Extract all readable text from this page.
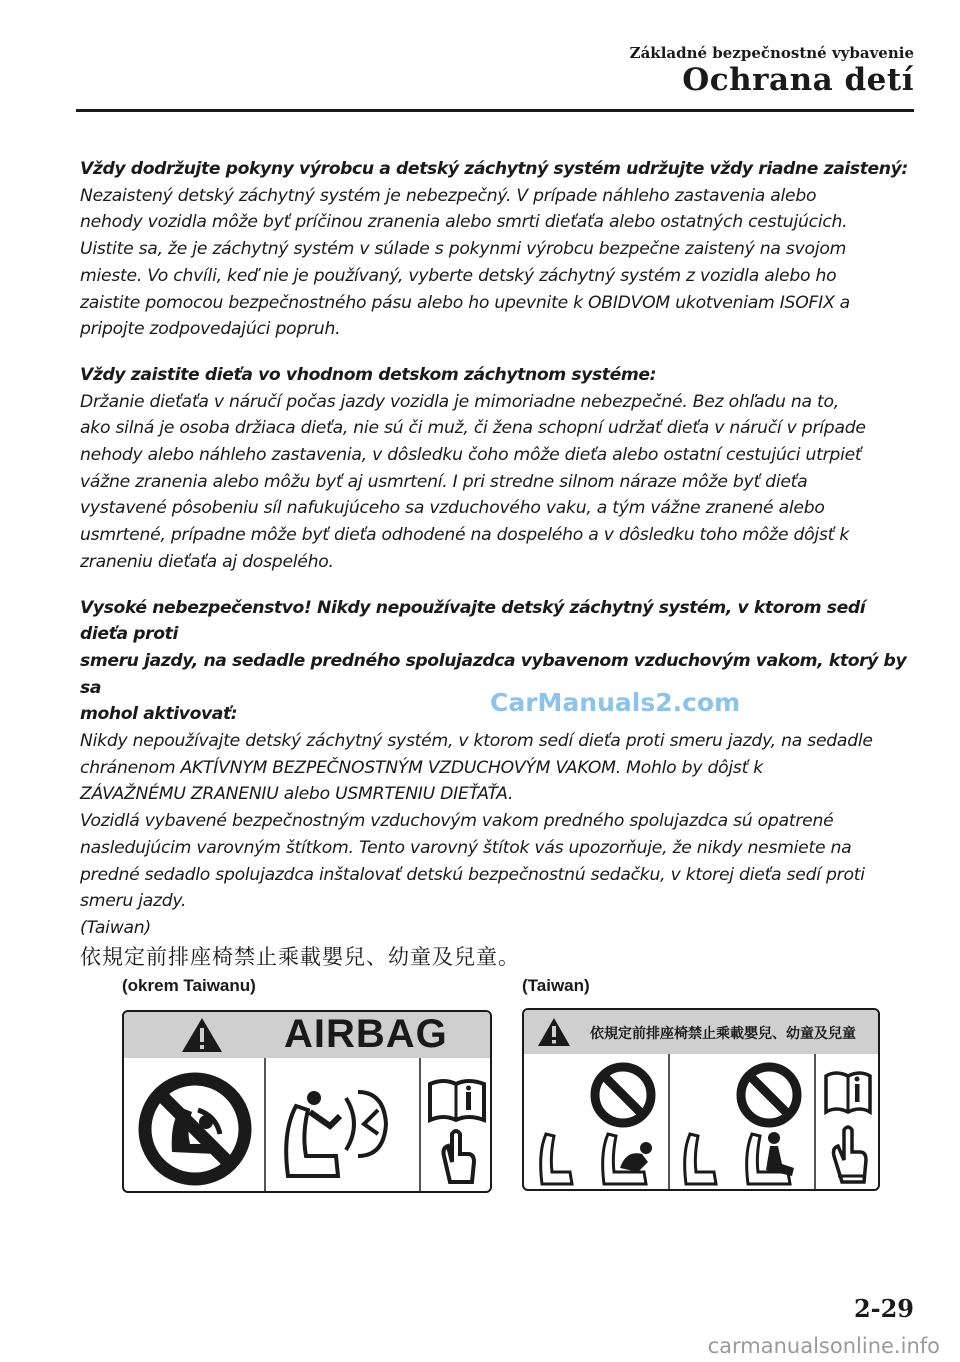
Základné bezpečnostné vybavenie
Ochrana detí

Vždy dodržujte pokyny výrobcu a detský záchytný systém udržujte vždy riadne zaistený:

Nezaistený detský záchytný systém je nebezpečný. V prípade náhleho zastavenia alebo

nehody vozidla môže byť príčinou zranenia alebo smrti dieťaťa alebo ostatných cestujúcich.

Uistite sa, že je záchytný systém v súlade s pokynmi výrobcu bezpečne zaistený na svojom

mieste. Vo chvíli, keď nie je používaný, vyberte detský záchytný systém z vozidla alebo ho

zaistite pomocou bezpečnostného pásu alebo ho upevnite k OBIDVOM ukotveniam ISOFIX a

pripojte zodpovedajúci popruh.

Vždy zaistite dieťa vo vhodnom detskom záchytnom systéme:

Držanie dieťaťa v náručí počas jazdy vozidla je mimoriadne nebezpečné. Bez ohľadu na to,

ako silná je osoba držiaca dieťa, nie sú či muž, či žena schopní udržať dieťa v náručí v prípade

nehody alebo náhleho zastavenia, v dôsledku čoho môže dieťa alebo ostatní cestujúci utrpieť

vážne zranenia alebo môžu byť aj usmrtení. I pri stredne silnom náraze môže byť dieťa

vystavené pôsobeniu síl nafukujúceho sa vzduchového vaku, a tým vážne zranené alebo

usmrtené, prípadne môže byť dieťa odhodené na dospelého a v dôsledku toho môže dôjsť k

zraneniu dieťaťa aj dospelého.

Vysoké nebezpečenstvo! Nikdy nepoužívajte detský záchytný systém, v ktorom sedí dieťa proti

smeru jazdy, na sedadle predného spolujazdca vybavenom vzduchovým vakom, ktorý by sa

mohol aktivovať:

Nikdy nepoužívajte detský záchytný systém, v ktorom sedí dieťa proti smeru jazdy, na sedadle

chránenom AKTÍVNYM BEZPEČNOSTNÝM VZDUCHOVÝM VAKOM. Mohlo by dôjsť k

ZÁVAŽNÉMU ZRANENIU alebo USMRTENIU DIEŤAŤA.

Vozidlá vybavené bezpečnostným vzduchovým vakom predného spolujazdca sú opatrené

nasledujúcim varovným štítkom. Tento varovný štítok vás upozorňuje, že nikdy nesmiete na

predné sedadlo spolujazdca inštalovať detskú bezpečnostnú sedačku, v ktorej dieťa sedí proti

smeru jazdy.

(Taiwan)

依規定前排座椅禁止乘載嬰兒、幼童及兒童。

CarManuals2.com
(okrem Taiwanu)	(Taiwan)
AIRBAG	依規定前排座椅禁止乘載嬰兒、幼童及兒童
2-29
carmanualsonline.info
